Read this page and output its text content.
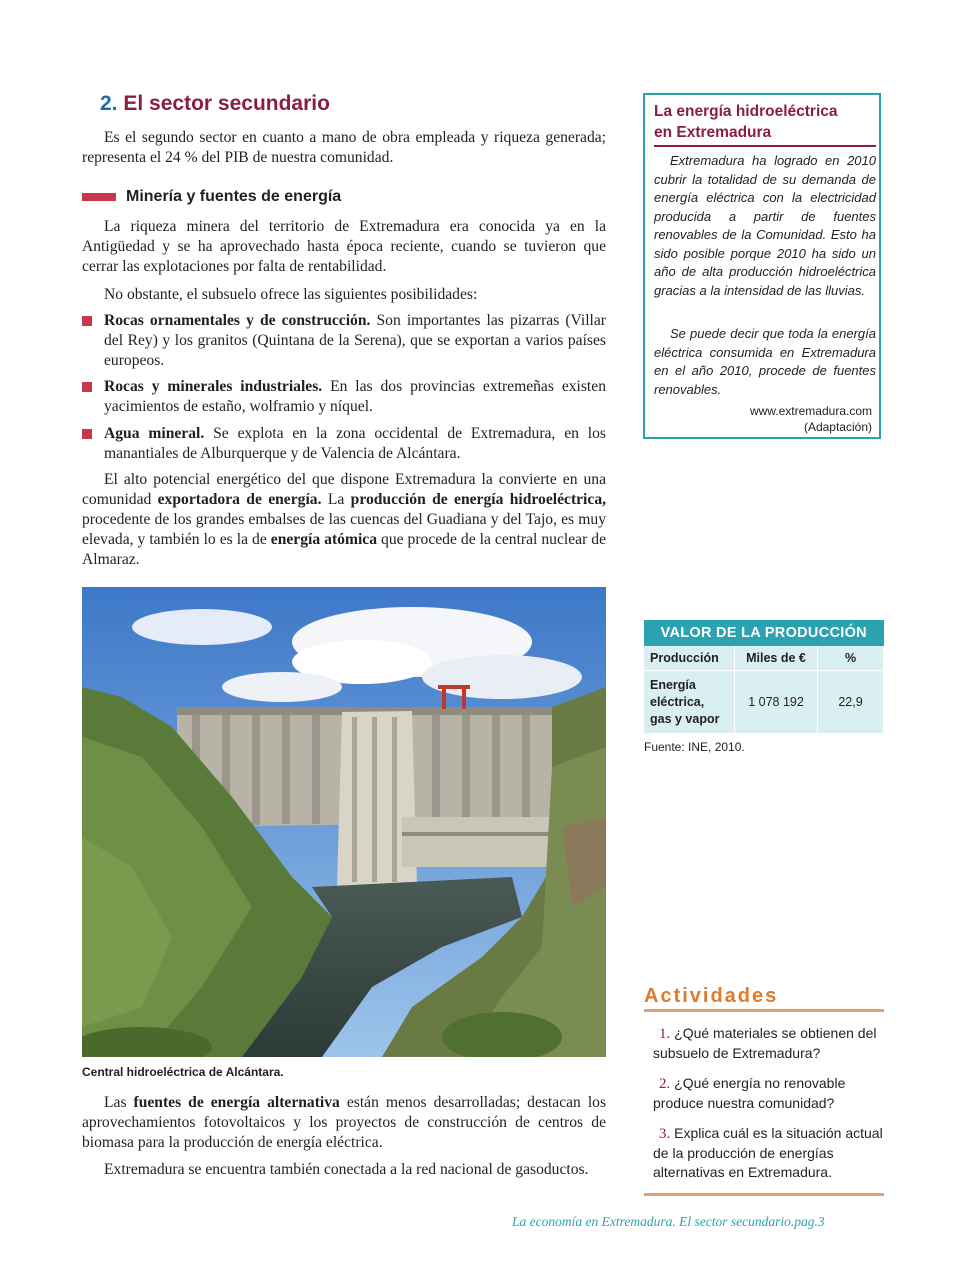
2. El sector secundario

Es el segundo sector en cuanto a mano de obra empleada y riqueza generada; representa el 24 % del PIB de nuestra comunidad.

Minería y fuentes de energía

La riqueza minera del territorio de Extremadura era conocida ya en la Antigüedad y se ha aprovechado hasta época reciente, cuando se tuvieron que cerrar las explotaciones por falta de rentabilidad.

No obstante, el subsuelo ofrece las siguientes posibilidades:

Rocas ornamentales y de construcción. Son importantes las pizarras (Villar del Rey) y los granitos (Quintana de la Serena), que se exportan a varios países europeos.
Rocas y minerales industriales. En las dos provincias extremeñas existen yacimientos de estaño, wolframio y níquel.
Agua mineral. Se explota en la zona occidental de Extremadura, en los manantiales de Alburquerque y de Valencia de Alcántara.

El alto potencial energético del que dispone Extremadura la convierte en una comunidad exportadora de energía. La producción de energía hidroeléctrica, procedente de los grandes embalses de las cuencas del Guadiana y del Tajo, es muy elevada, y también lo es la de energía atómica que procede de la central nuclear de Almaraz.

Central hidroeléctrica de Alcántara.

Las fuentes de energía alternativa están menos desarrolladas; destacan los aprovechamientos fotovoltaicos y los proyectos de construcción de centros de biomasa para la producción de energía eléctrica.

Extremadura se encuentra también conectada a la red nacional de gasoductos.

La energía hidroeléctrica
en Extremadura

Extremadura ha logrado en 2010 cubrir la totalidad de su demanda de energía eléctrica con la electricidad producida a partir de fuentes renovables de la Comunidad. Esto ha sido posible porque 2010 ha sido un año de alta producción hidroeléctrica gracias a la intensidad de las lluvias.

Se puede decir que toda la energía eléctrica consumida en Extremadura en el año 2010, procede de fuentes renovables.

www.extremadura.com
(Adaptación)
VALOR DE LA PRODUCCIÓN		
Producción	Miles de €	%
Energía eléctrica, gas y vapor	1 078 192	22,9
Fuente: INE, 2010.
Actividades

1. ¿Qué materiales se obtienen del subsuelo de Extremadura?

2. ¿Qué energía no renovable produce nuestra comunidad?

3. Explica cuál es la situación actual de la producción de energías alternativas en Extremadura.

La economía en Extremadura. El sector secundario.pag.3
